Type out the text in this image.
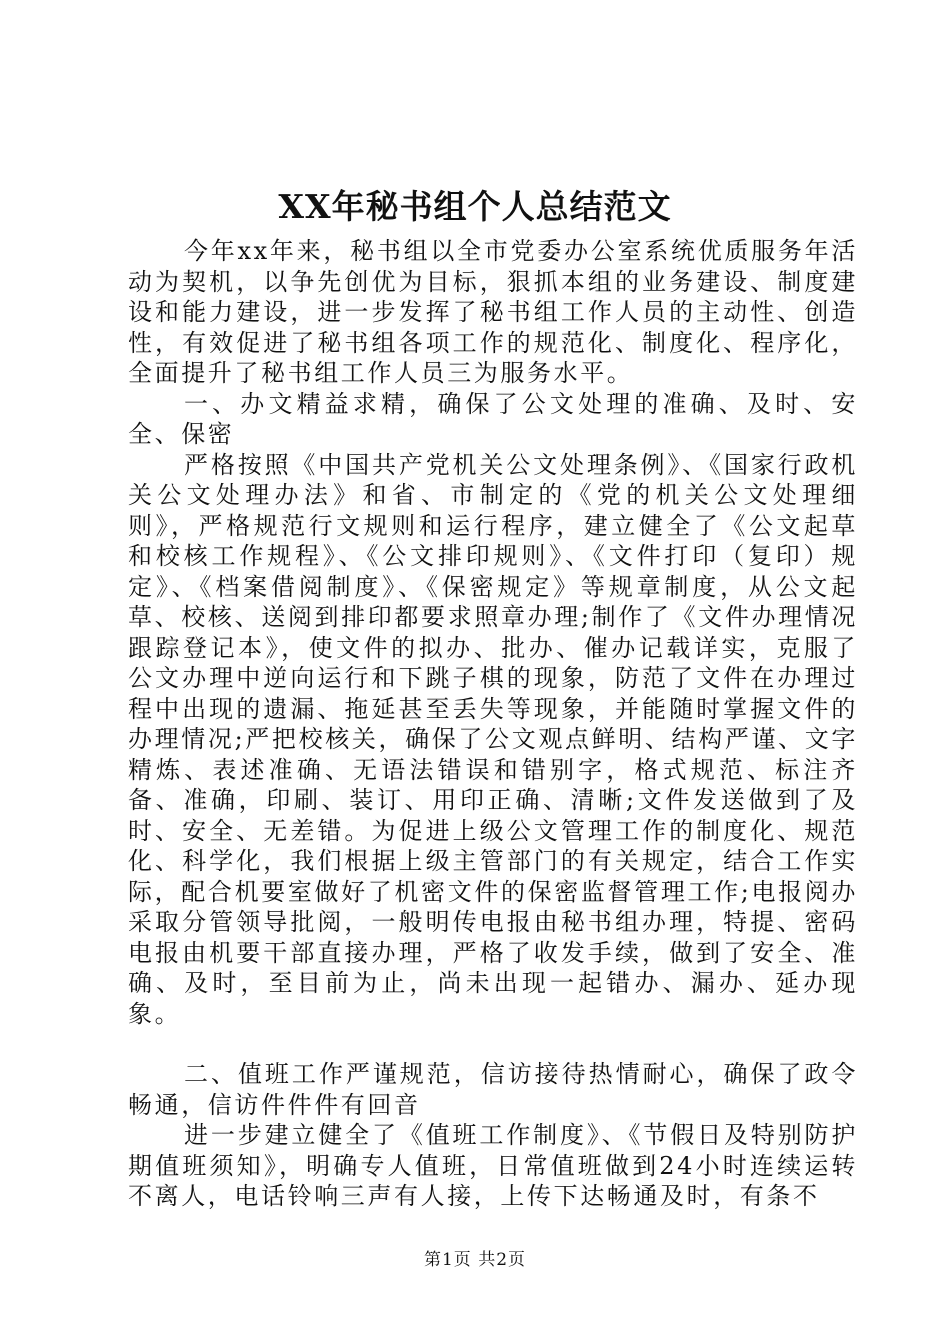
XX年秘书组个人总结范文

今年xx年来，秘书组以全市党委办公室系统优质服务年活动为契机，以争先创优为目标，狠抓本组的业务建设、制度建设和能力建设，进一步发挥了秘书组工作人员的主动性、创造性，有效促进了秘书组各项工作的规范化、制度化、程序化，全面提升了秘书组工作人员三为服务水平。

一、办文精益求精，确保了公文处理的准确、及时、安全、保密

严格按照《中国共产党机关公文处理条例》、《国家行政机关公文处理办法》和省、市制定的《党的机关公文处理细则》，严格规范行文规则和运行程序，建立健全了《公文起草和校核工作规程》、《公文排印规则》、《文件打印（复印）规定》、《档案借阅制度》、《保密规定》等规章制度，从公文起草、校核、送阅到排印都要求照章办理;制作了《文件办理情况跟踪登记本》，使文件的拟办、批办、催办记载详实，克服了公文办理中逆向运行和下跳子棋的现象，防范了文件在办理过程中出现的遗漏、拖延甚至丢失等现象，并能随时掌握文件的办理情况;严把校核关，确保了公文观点鲜明、结构严谨、文字精炼、表述准确、无语法错误和错别字，格式规范、标注齐备、准确，印刷、装订、用印正确、清晰;文件发送做到了及时、安全、无差错。为促进上级公文管理工作的制度化、规范化、科学化，我们根据上级主管部门的有关规定，结合工作实际，配合机要室做好了机密文件的保密监督管理工作;电报阅办采取分管领导批阅，一般明传电报由秘书组办理，特提、密码电报由机要干部直接办理，严格了收发手续，做到了安全、准确、及时，至目前为止，尚未出现一起错办、漏办、延办现象。

二、值班工作严谨规范，信访接待热情耐心，确保了政令畅通，信访件件件有回音

进一步建立健全了《值班工作制度》、《节假日及特别防护期值班须知》，明确专人值班，日常值班做到24小时连续运转不离人，电话铃响三声有人接，上传下达畅通及时，有条不

第1页 共2页
